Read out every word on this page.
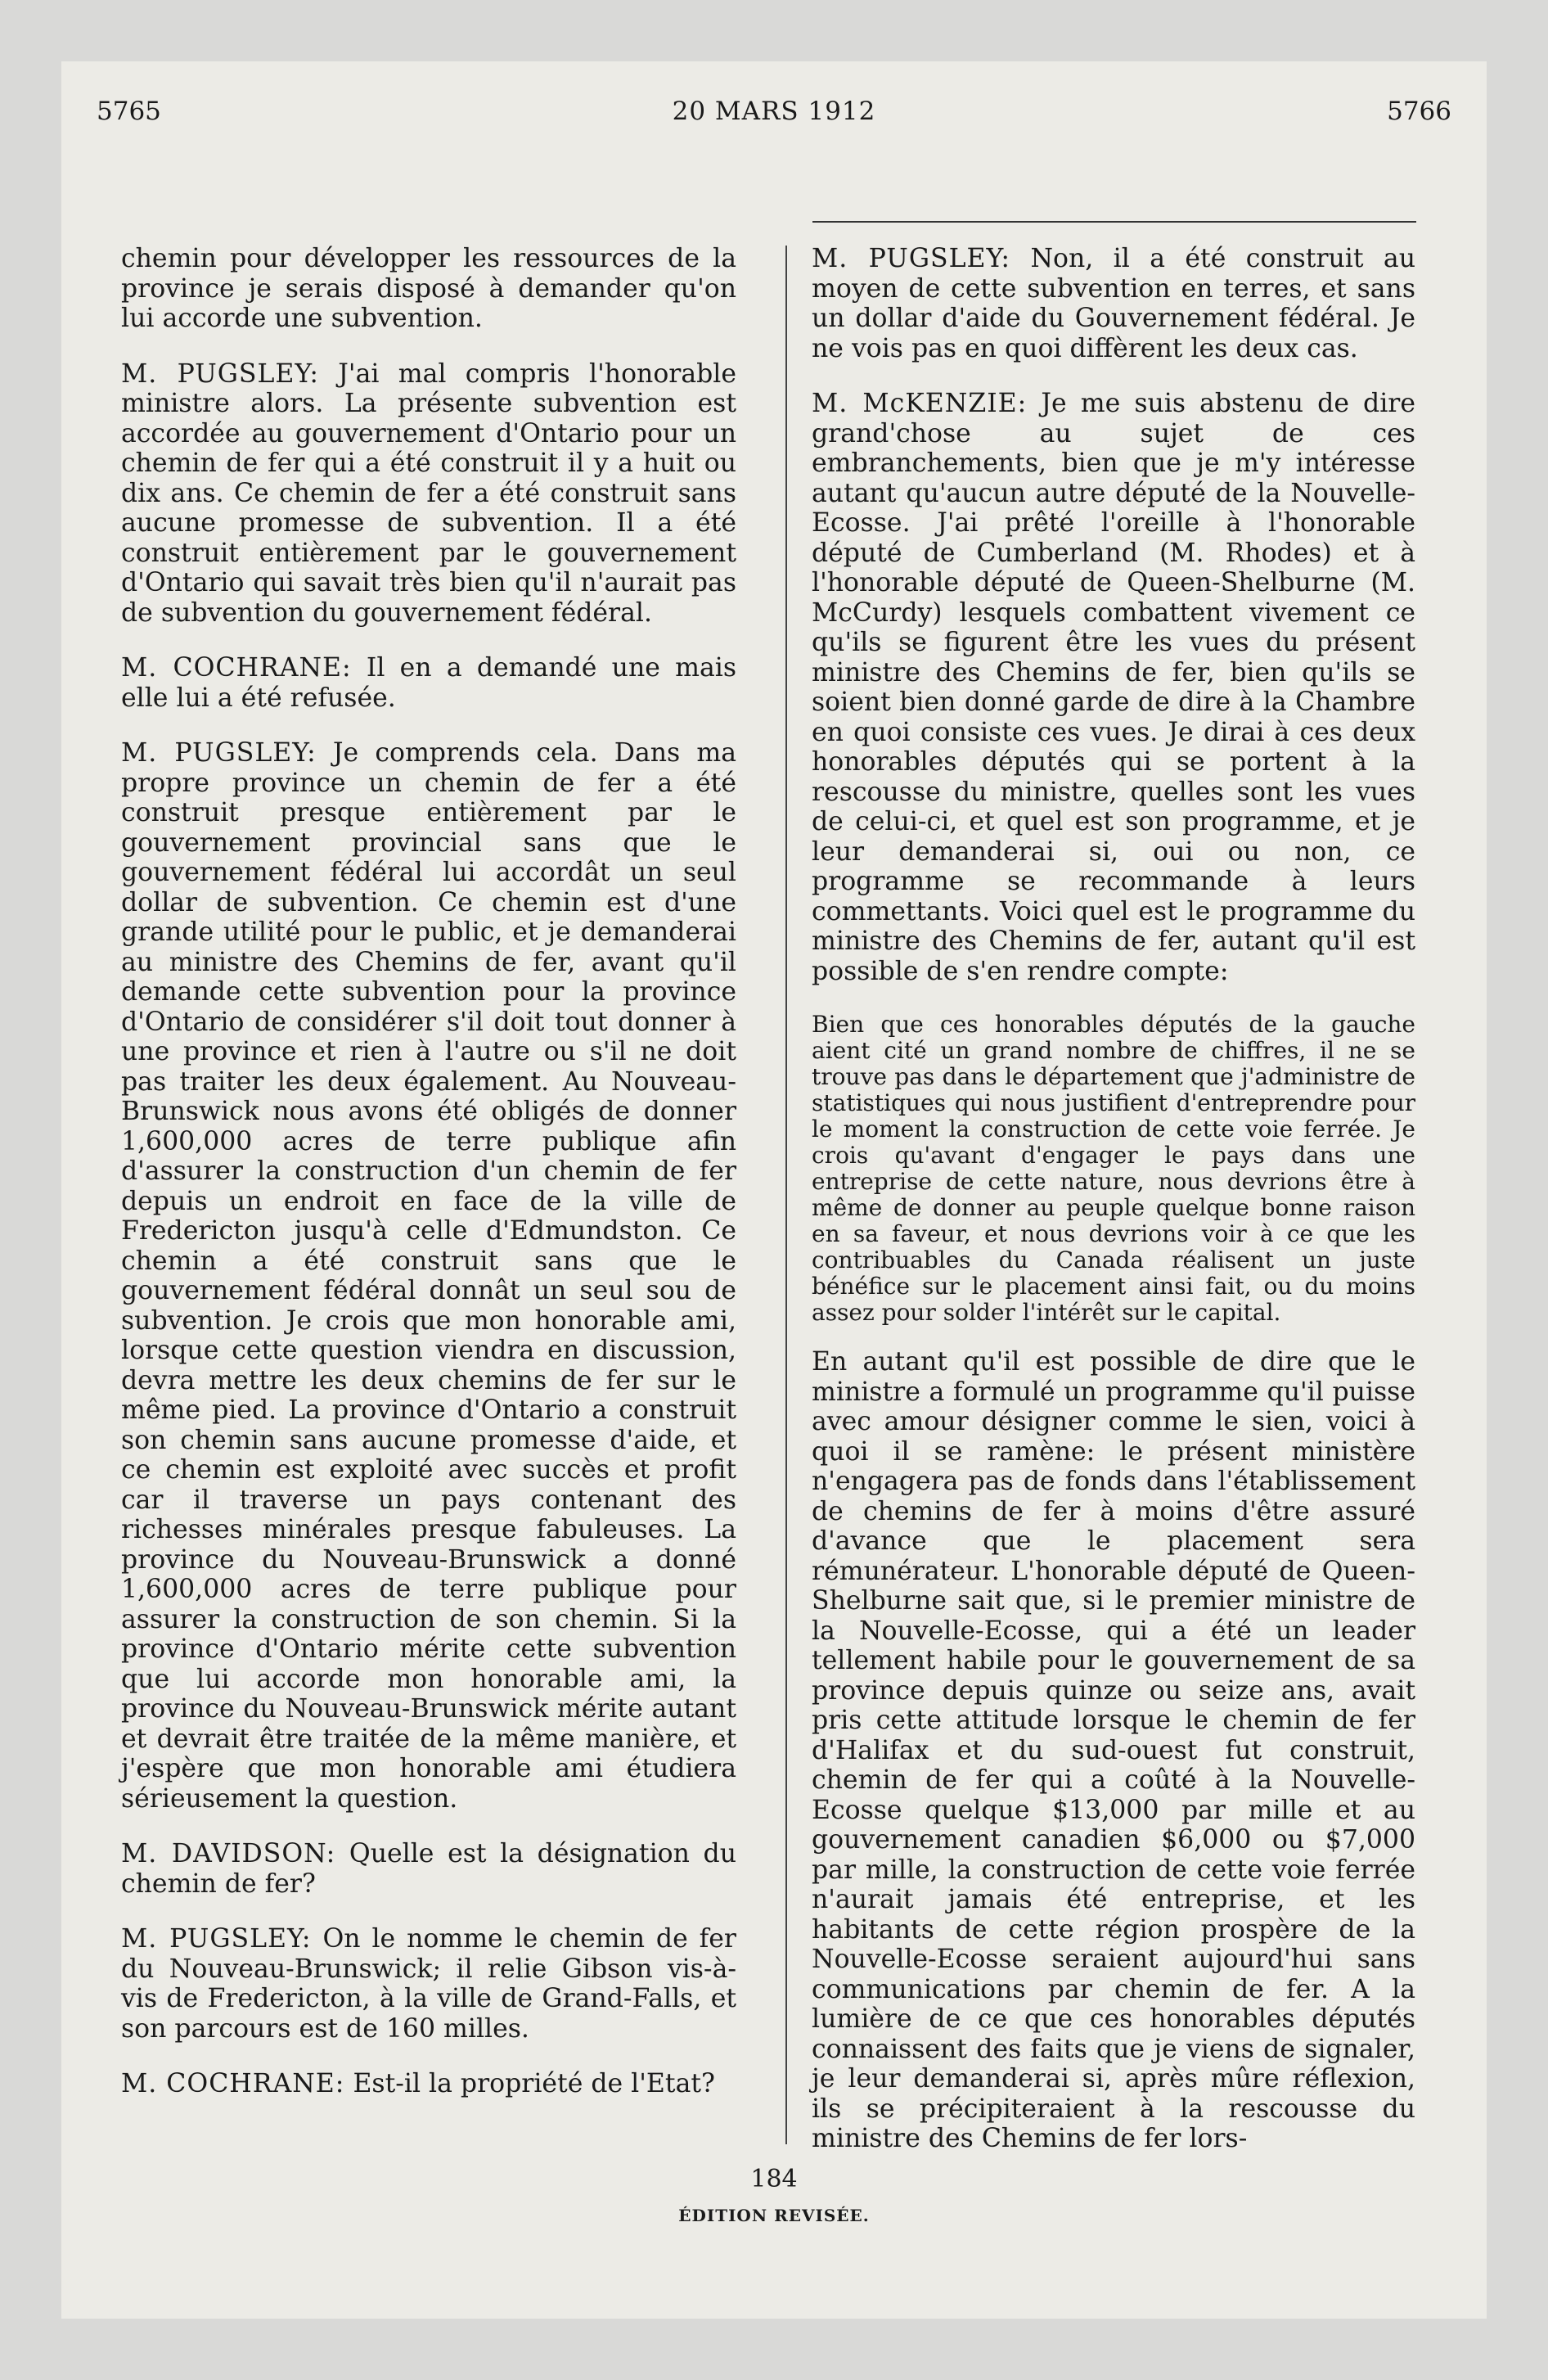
5765	20 MARS 1912	5766

chemin pour développer les ressources de la province je serais disposé à demander qu'on lui accorde une subvention.

M. PUGSLEY: J'ai mal compris l'honorable ministre alors. La présente subvention est accordée au gouvernement d'Ontario pour un chemin de fer qui a été construit il y a huit ou dix ans. Ce chemin de fer a été construit sans aucune promesse de subvention. Il a été construit entièrement par le gouvernement d'Ontario qui savait très bien qu'il n'aurait pas de subvention du gouvernement fédéral.

M. COCHRANE: Il en a demandé une mais elle lui a été refusée.

M. PUGSLEY: Je comprends cela. Dans ma propre province un chemin de fer a été construit presque entièrement par le gouvernement provincial sans que le gouvernement fédéral lui accordât un seul dollar de subvention. Ce chemin est d'une grande utilité pour le public, et je demanderai au ministre des Chemins de fer, avant qu'il demande cette subvention pour la province d'Ontario de considérer s'il doit tout donner à une province et rien à l'autre ou s'il ne doit pas traiter les deux également. Au Nouveau-Brunswick nous avons été obligés de donner 1,600,000 acres de terre publique afin d'assurer la construction d'un chemin de fer depuis un endroit en face de la ville de Fredericton jusqu'à celle d'Edmundston. Ce chemin a été construit sans que le gouvernement fédéral donnât un seul sou de subvention. Je crois que mon honorable ami, lorsque cette question viendra en discussion, devra mettre les deux chemins de fer sur le même pied. La province d'Ontario a construit son chemin sans aucune promesse d'aide, et ce chemin est exploité avec succès et profit car il traverse un pays contenant des richesses minérales presque fabuleuses. La province du Nouveau-Brunswick a donné 1,600,000 acres de terre publique pour assurer la construction de son chemin. Si la province d'Ontario mérite cette subvention que lui accorde mon honorable ami, la province du Nouveau-Brunswick mérite autant et devrait être traitée de la même manière, et j'espère que mon honorable ami étudiera sérieusement la question.

M. DAVIDSON: Quelle est la désignation du chemin de fer?

M. PUGSLEY: On le nomme le chemin de fer du Nouveau-Brunswick; il relie Gibson vis-à-vis de Fredericton, à la ville de Grand-Falls, et son parcours est de 160 milles.

M. COCHRANE: Est-il la propriété de l'Etat?

M. PUGSLEY: Non, il a été construit au moyen de cette subvention en terres, et sans un dollar d'aide du Gouvernement fédéral. Je ne vois pas en quoi diffèrent les deux cas.

M. McKENZIE: Je me suis abstenu de dire grand'chose au sujet de ces embranchements, bien que je m'y intéresse autant qu'aucun autre député de la Nouvelle-Ecosse. J'ai prêté l'oreille à l'honorable député de Cumberland (M. Rhodes) et à l'honorable député de Queen-Shelburne (M. McCurdy) lesquels combattent vivement ce qu'ils se figurent être les vues du présent ministre des Chemins de fer, bien qu'ils se soient bien donné garde de dire à la Chambre en quoi consiste ces vues. Je dirai à ces deux honorables députés qui se portent à la rescousse du ministre, quelles sont les vues de celui-ci, et quel est son programme, et je leur demanderai si, oui ou non, ce programme se recommande à leurs commettants. Voici quel est le programme du ministre des Chemins de fer, autant qu'il est possible de s'en rendre compte:

Bien que ces honorables députés de la gauche aient cité un grand nombre de chiffres, il ne se trouve pas dans le département que j'administre de statistiques qui nous justifient d'entreprendre pour le moment la construction de cette voie ferrée. Je crois qu'avant d'engager le pays dans une entreprise de cette nature, nous devrions être à même de donner au peuple quelque bonne raison en sa faveur, et nous devrions voir à ce que les contribuables du Canada réalisent un juste bénéfice sur le placement ainsi fait, ou du moins assez pour solder l'intérêt sur le capital.

En autant qu'il est possible de dire que le ministre a formulé un programme qu'il puisse avec amour désigner comme le sien, voici à quoi il se ramène: le présent ministère n'engagera pas de fonds dans l'établissement de chemins de fer à moins d'être assuré d'avance que le placement sera rémunérateur. L'honorable député de Queen-Shelburne sait que, si le premier ministre de la Nouvelle-Ecosse, qui a été un leader tellement habile pour le gouvernement de sa province depuis quinze ou seize ans, avait pris cette attitude lorsque le chemin de fer d'Halifax et du sud-ouest fut construit, chemin de fer qui a coûté à la Nouvelle-Ecosse quelque $13,000 par mille et au gouvernement canadien $6,000 ou $7,000 par mille, la construction de cette voie ferrée n'aurait jamais été entreprise, et les habitants de cette région prospère de la Nouvelle-Ecosse seraient aujourd'hui sans communications par chemin de fer. A la lumière de ce que ces honorables députés connaissent des faits que je viens de signaler, je leur demanderai si, après mûre réflexion, ils se précipiteraient à la rescousse du ministre des Chemins de fer lors-

184
ÉDITION REVISÉE.
